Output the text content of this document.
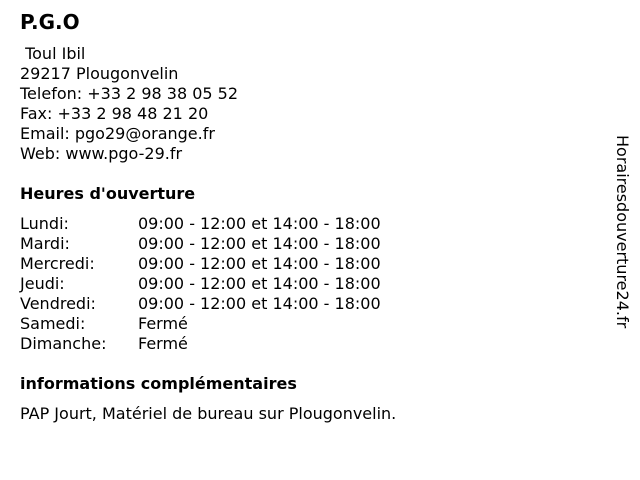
P.G.O
Toul Ibil
29217 Plougonvelin
Telefon: +33 2 98 38 05 52
Fax: +33 2 98 48 21 20
Email: pgo29@orange.fr
Web: www.pgo-29.fr
Heures d'ouverture
Lundi:	09:00 - 12:00 et 14:00 - 18:00
Mardi:	09:00 - 12:00 et 14:00 - 18:00
Mercredi:	09:00 - 12:00 et 14:00 - 18:00
Jeudi:	09:00 - 12:00 et 14:00 - 18:00
Vendredi:	09:00 - 12:00 et 14:00 - 18:00
Samedi:	Fermé
Dimanche:	Fermé
informations complémentaires
PAP Jourt, Matériel de bureau sur Plougonvelin.
Horairesdouverture24.fr
